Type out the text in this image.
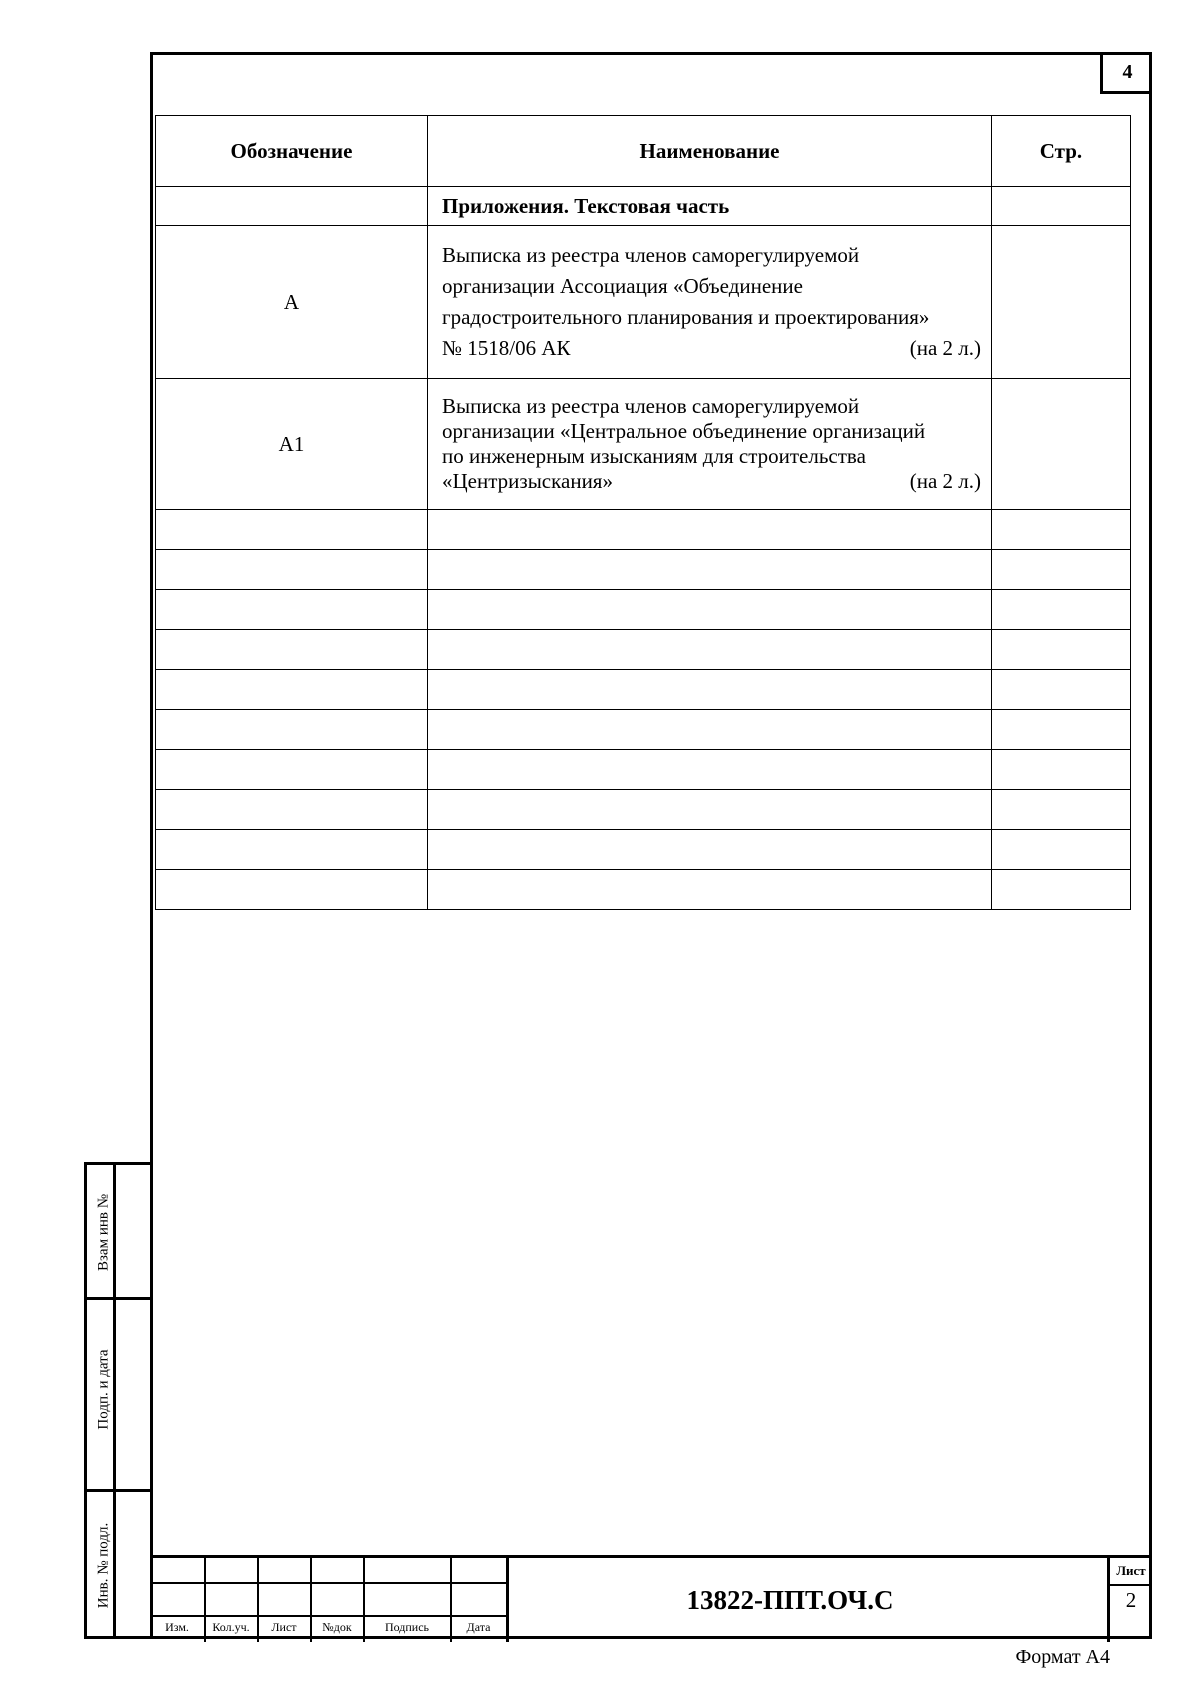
4
Обозначение	Наименование	Стр.
	Приложения. Текстовая часть	
А	Выписка из реестра членов саморегулируемой
организации Ассоциация «Объединение
градостроительного планирования и проектирования»
№ 1518/06 АК (на 2 л.)	

А1	Выписка из реестра членов саморегулируемой
организации «Центральное объединение организаций
по инженерным изысканиям для строительства
«Центризыскания» (на 2 л.)	

Взам инв №
Подп. и дата
Инв. № подл.
Изм.	Кол.уч.	Лист	№док	Подпись	Дата
13822-ППТ.ОЧ.С
Лист
2
Формат А4
